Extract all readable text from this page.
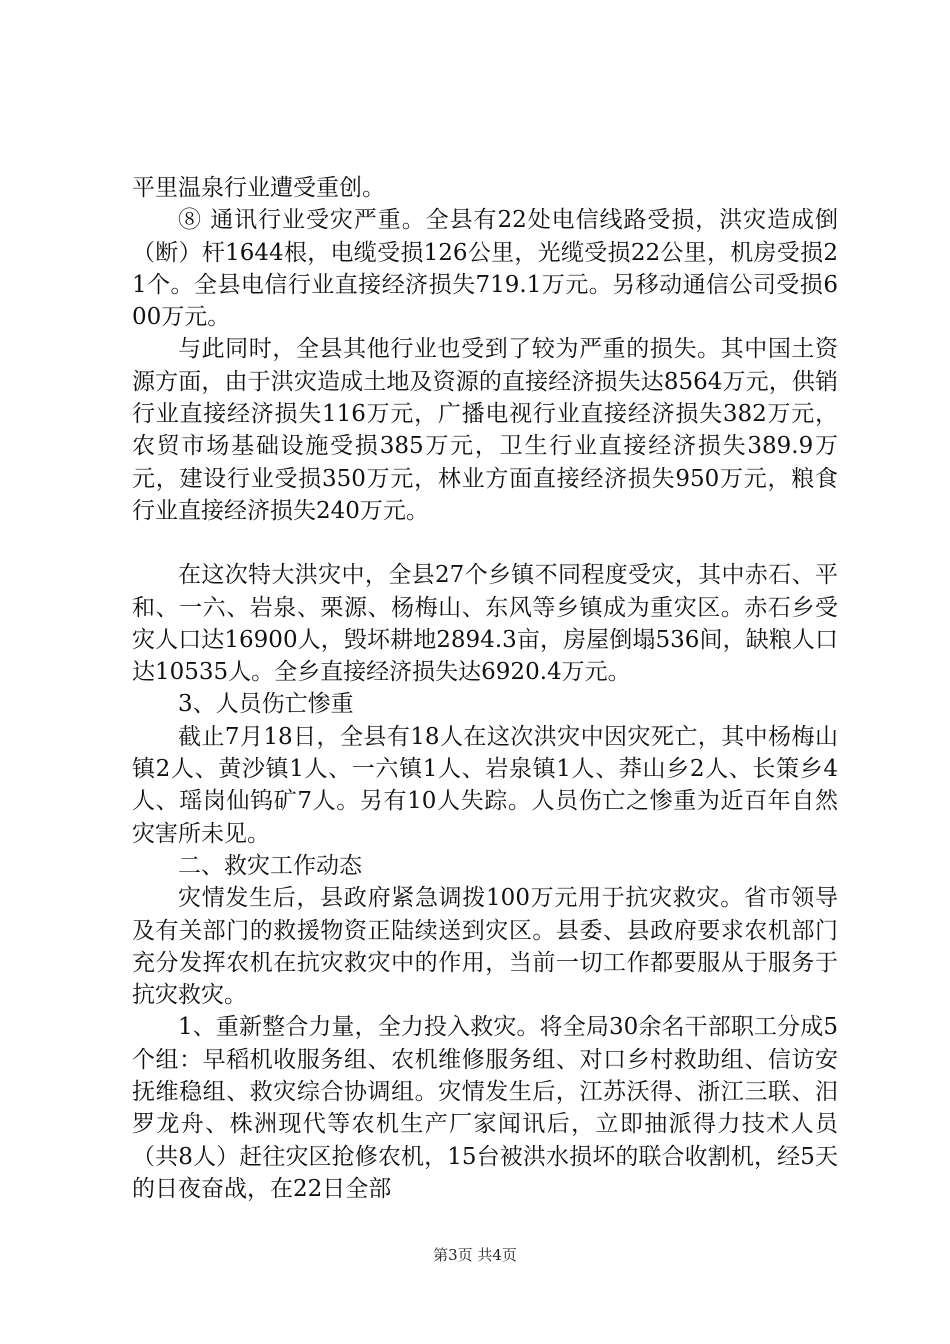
平里温泉行业遭受重创。

⑧ 通讯行业受灾严重。全县有22处电信线路受损，洪灾造成倒（断）杆1644根，电缆受损126公里，光缆受损22公里，机房受损21个。全县电信行业直接经济损失719.1万元。另移动通信公司受损600万元。

与此同时，全县其他行业也受到了较为严重的损失。其中国土资源方面，由于洪灾造成土地及资源的直接经济损失达8564万元，供销行业直接经济损失116万元，广播电视行业直接经济损失382万元，农贸市场基础设施受损385万元，卫生行业直接经济损失389.9万元，建设行业受损350万元，林业方面直接经济损失950万元，粮食行业直接经济损失240万元。

在这次特大洪灾中，全县27个乡镇不同程度受灾，其中赤石、平和、一六、岩泉、栗源、杨梅山、东风等乡镇成为重灾区。赤石乡受灾人口达16900人，毁坏耕地2894.3亩，房屋倒塌536间，缺粮人口达10535人。全乡直接经济损失达6920.4万元。

3、人员伤亡惨重

截止7月18日，全县有18人在这次洪灾中因灾死亡，其中杨梅山镇2人、黄沙镇1人、一六镇1人、岩泉镇1人、莽山乡2人、长策乡4人、瑶岗仙钨矿7人。另有10人失踪。人员伤亡之惨重为近百年自然灾害所未见。

二、救灾工作动态

灾情发生后，县政府紧急调拨100万元用于抗灾救灾。省市领导及有关部门的救援物资正陆续送到灾区。县委、县政府要求农机部门充分发挥农机在抗灾救灾中的作用，当前一切工作都要服从于服务于抗灾救灾。

1、重新整合力量，全力投入救灾。将全局30余名干部职工分成5个组：早稻机收服务组、农机维修服务组、对口乡村救助组、信访安抚维稳组、救灾综合协调组。灾情发生后，江苏沃得、浙江三联、汨罗龙舟、株洲现代等农机生产厂家闻讯后，立即抽派得力技术人员（共8人）赶往灾区抢修农机，15台被洪水损坏的联合收割机，经5天的日夜奋战，在22日全部

第3页 共4页
